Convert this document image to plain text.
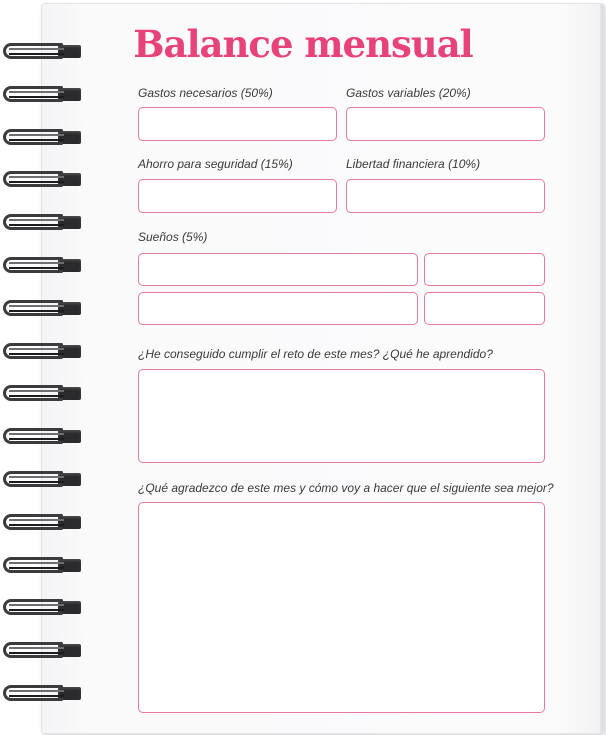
Balance mensual
Gastos necesarios (50%)	Gastos variables (20%)
Ahorro para seguridad (15%)	Libertad financiera (10%)
Sueños (5%)
¿He conseguido cumplir el reto de este mes? ¿Qué he aprendido?
¿Qué agradezco de este mes y cómo voy a hacer que el siguiente sea mejor?
